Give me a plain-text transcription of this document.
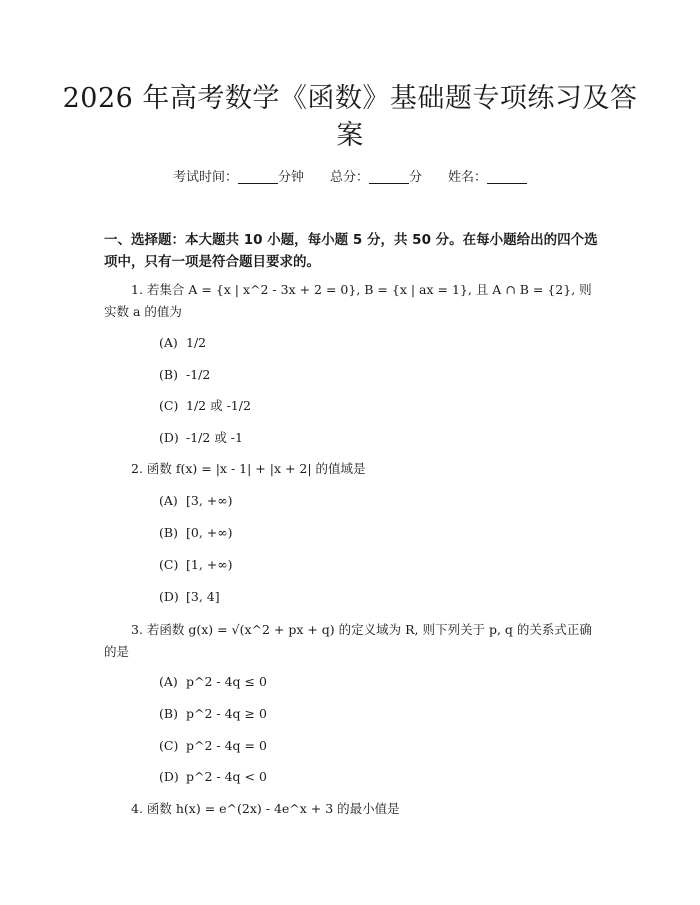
2026 年高考数学《函数》基础题专项练习及答案
考试时间：	分钟 总分：	分 姓名：
一、选择题：本大题共 10 小题，每小题 5 分，共 50 分。在每小题给出的四个选项中，只有一项是符合题目要求的。
1. 若集合 A = {x | x^2 - 3x + 2 = 0}, B = {x | ax = 1}, 且 A ∩ B = {2}, 则实数 a 的值为
(A) 1/2
(B) -1/2
(C) 1/2 或 -1/2
(D) -1/2 或 -1
2. 函数 f(x) = |x - 1| + |x + 2| 的值域是
(A) [3, +∞)
(B) [0, +∞)
(C) [1, +∞)
(D) [3, 4]
3. 若函数 g(x) = √(x^2 + px + q) 的定义域为 R, 则下列关于 p, q 的关系式正确的是
(A) p^2 - 4q ≤ 0
(B) p^2 - 4q ≥ 0
(C) p^2 - 4q = 0
(D) p^2 - 4q < 0
4. 函数 h(x) = e^(2x) - 4e^x + 3 的最小值是
